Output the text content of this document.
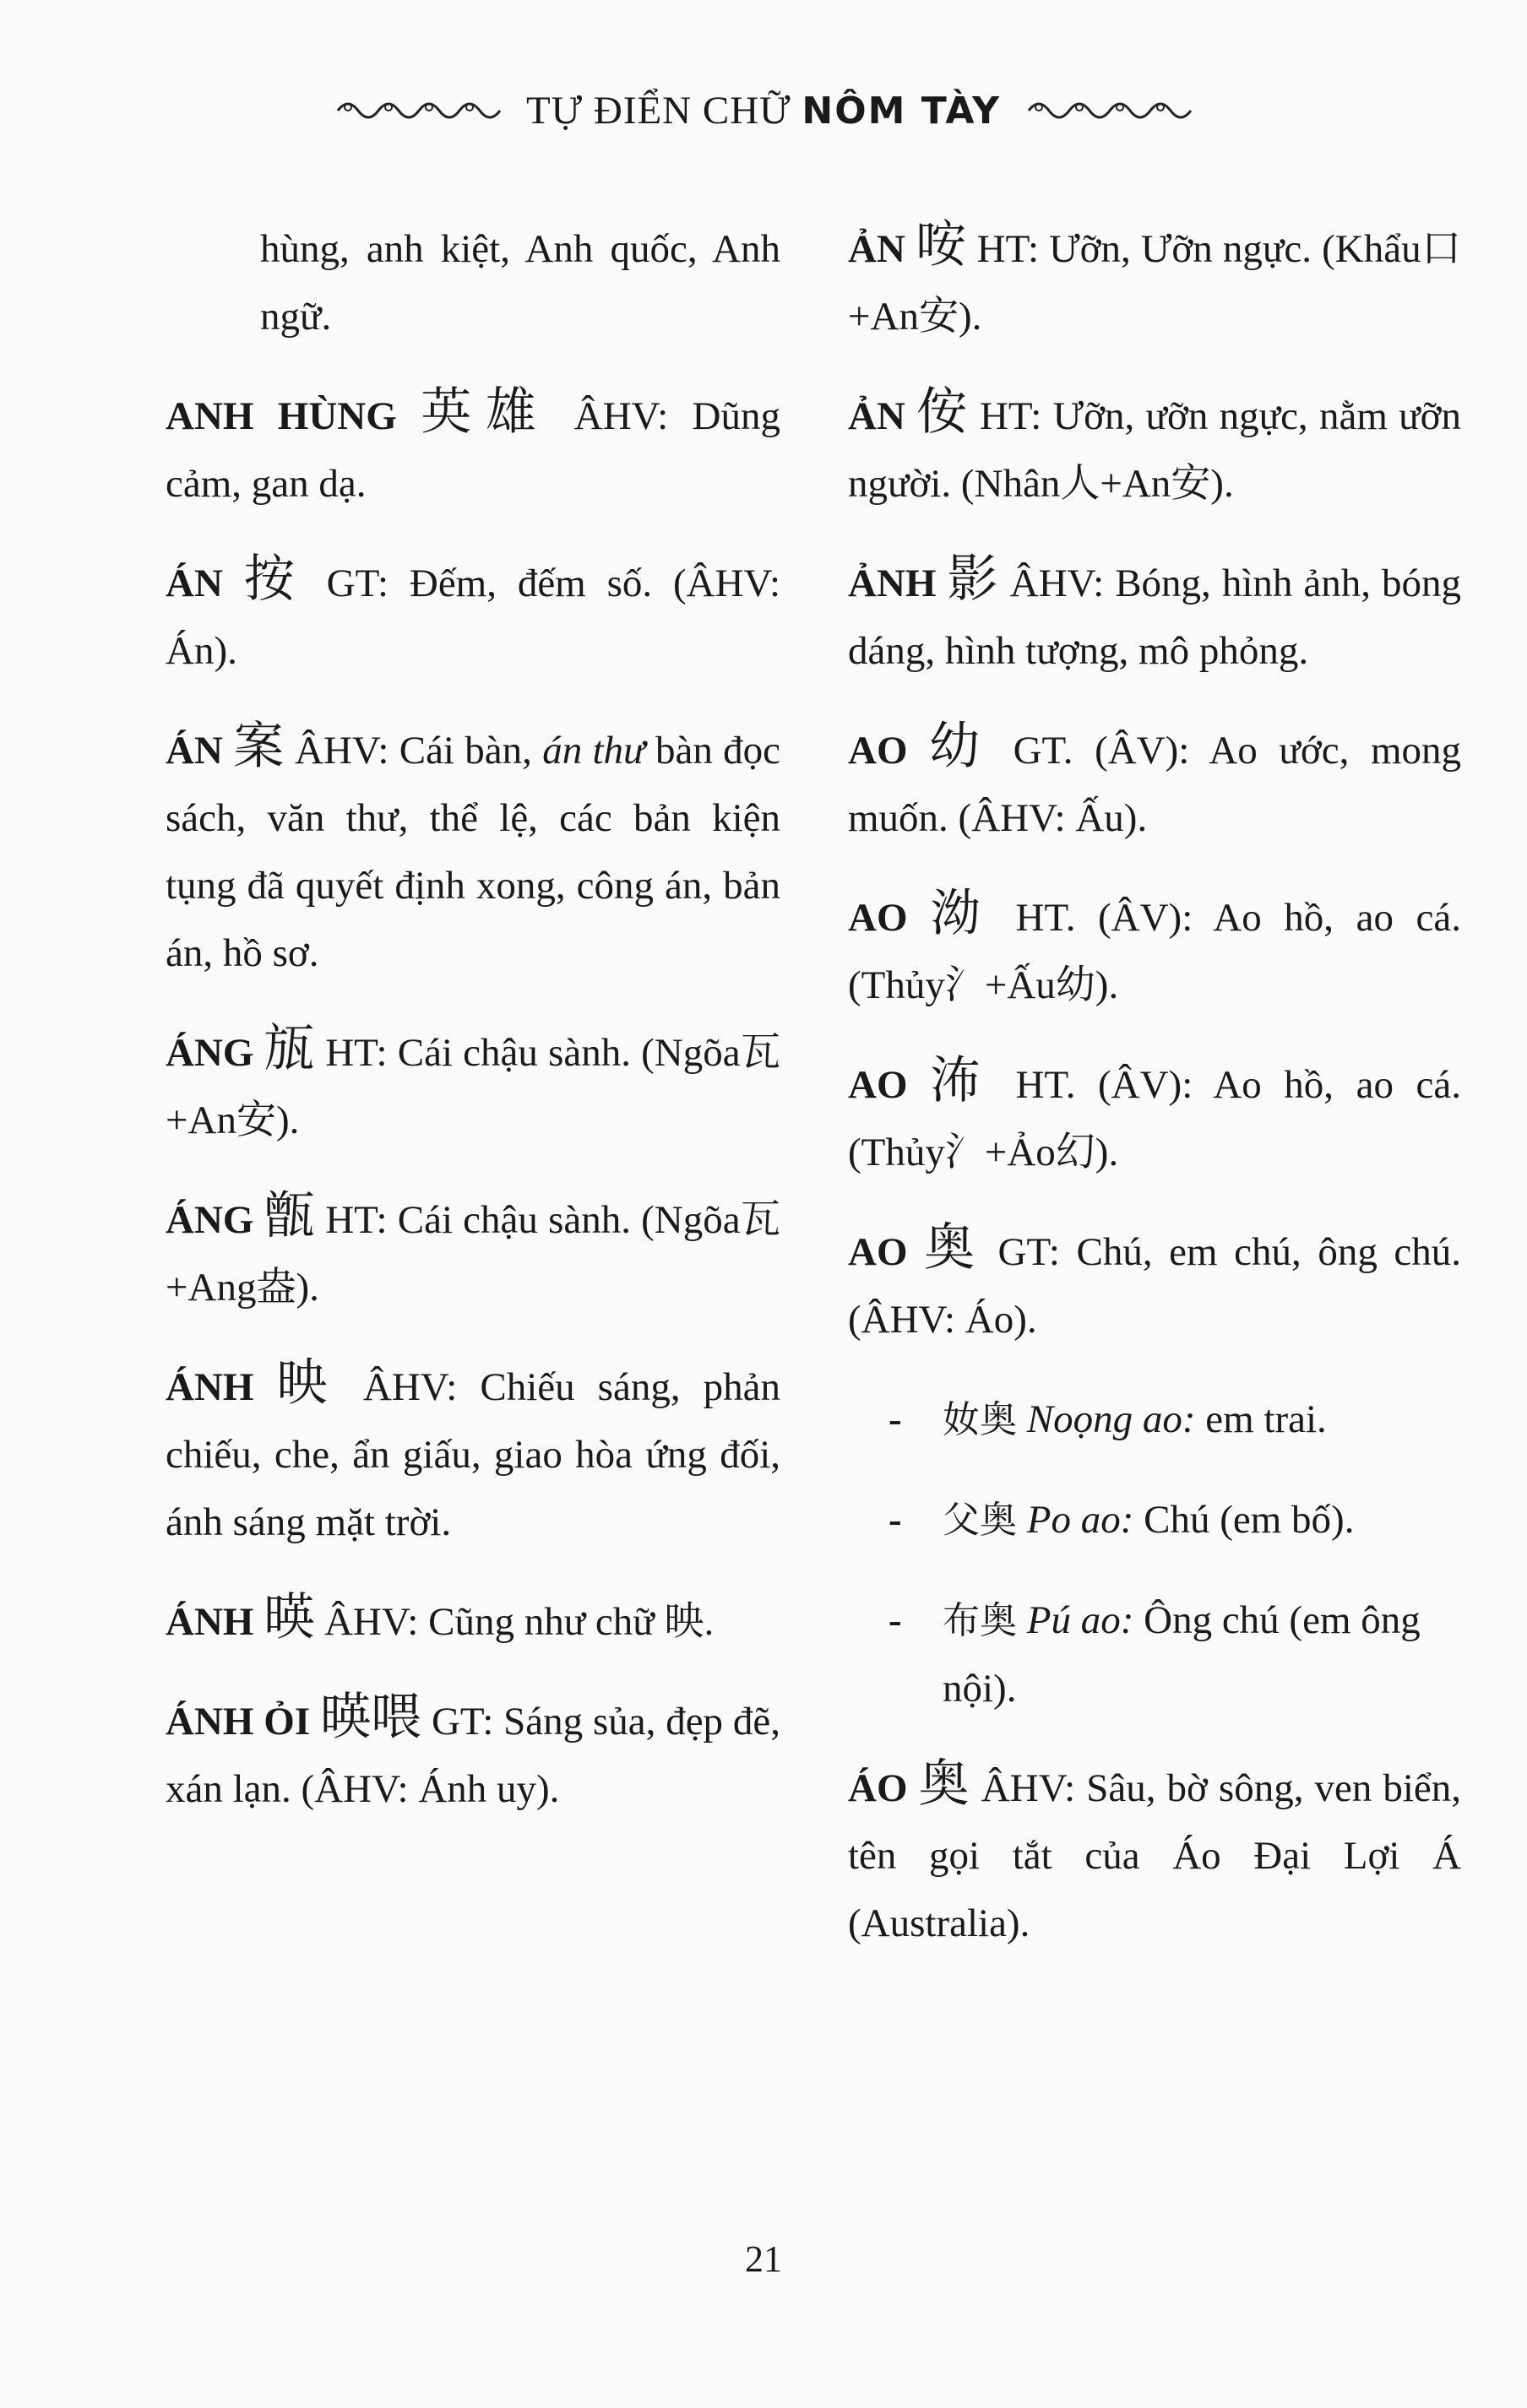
TỰ ĐIỂN CHỮ NÔM TÀY
hùng, anh kiệt, Anh quốc, Anh ngữ.
ANH HÙNG 英雄 ÂHV: Dũng cảm, gan dạ.
ÁN 按 GT: Đếm, đếm số. (ÂHV: Án).
ÁN 案 ÂHV: Cái bàn, án thư bàn đọc sách, văn thư, thể lệ, các bản kiện tụng đã quyết định xong, công án, bản án, hồ sơ.
ÁNG 瓬 HT: Cái chậu sành. (Ngõa瓦+An安).
ÁNG 甑 HT: Cái chậu sành. (Ngõa瓦+Ang盎).
ÁNH 映 ÂHV: Chiếu sáng, phản chiếu, che, ẩn giấu, giao hòa ứng đối, ánh sáng mặt trời.
ÁNH 暎 ÂHV: Cũng như chữ 映.
ÁNH ỎI 暎喂 GT: Sáng sủa, đẹp đẽ, xán lạn. (ÂHV: Ánh uy).
ẢN 咹 HT: Ưỡn, Ưỡn ngực. (Khẩu口+An安).
ẢN 侒 HT: Ưỡn, ưỡn ngực, nằm ưỡn người. (Nhân人+An安).
ẢNH 影 ÂHV: Bóng, hình ảnh, bóng dáng, hình tượng, mô phỏng.
AO 幼 GT. (ÂV): Ao ước, mong muốn. (ÂHV: Ấu).
AO 泑 HT. (ÂV): Ao hồ, ao cá. (Thủy氵+Ấu幼).
AO 㳍 HT. (ÂV): Ao hồ, ao cá. (Thủy氵+Ảo幻).
AO 奥 GT: Chú, em chú, ông chú. (ÂHV: Áo).
-	奻奥 Noọng ao: em trai.
-	父奥 Po ao: Chú (em bố).
-	布奥 Pú ao: Ông chú (em ông nội).
ÁO 奥 ÂHV: Sâu, bờ sông, ven biển, tên gọi tắt của Áo Đại Lợi Á (Australia).
21
